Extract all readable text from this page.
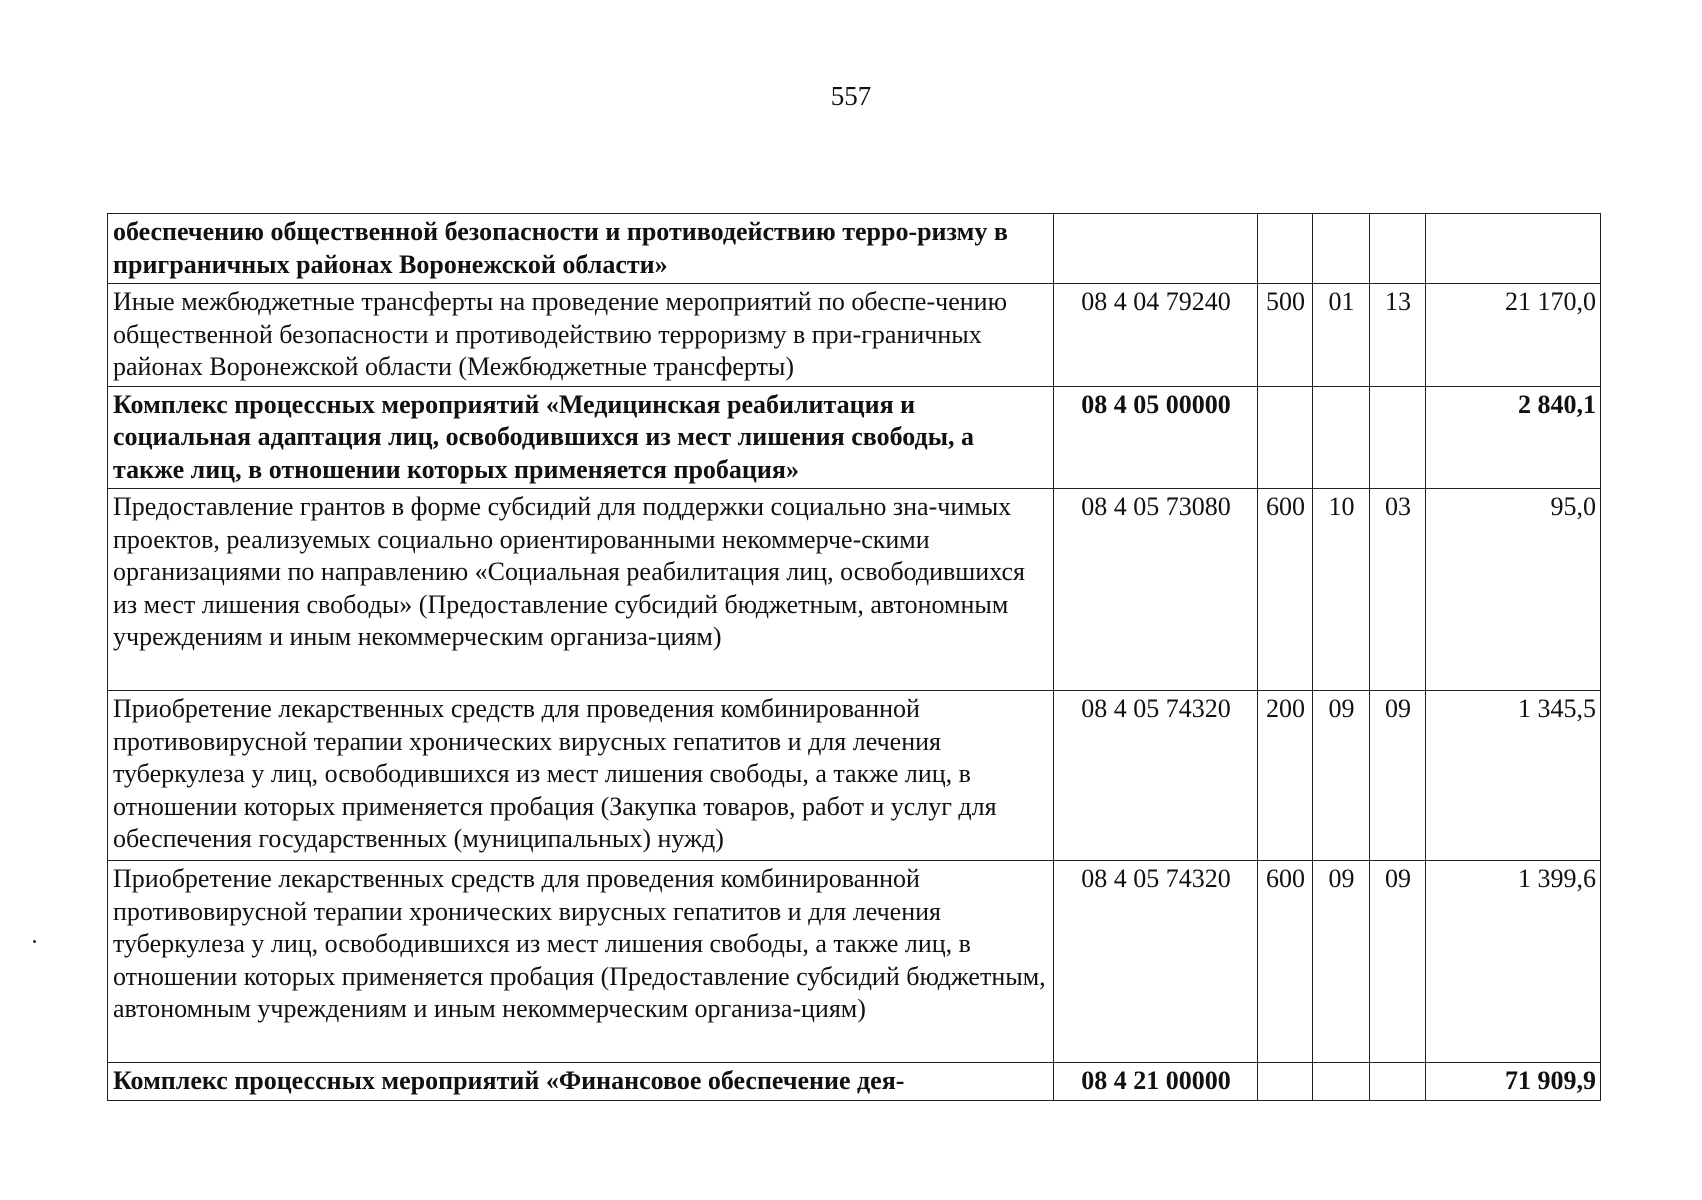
557
обеспечению общественной безопасности и противодействию терро-ризму в приграничных районах Воронежской области»					
Иные межбюджетные трансферты на проведение мероприятий по обеспе-чению общественной безопасности и противодействию терроризму в при-граничных районах Воронежской области (Межбюджетные трансферты)	08 4 04 79240	500	01	13	21 170,0
Комплекс процессных мероприятий «Медицинская реабилитация и социальная адаптация лиц, освободившихся из мест лишения свободы, а также лиц, в отношении которых применяется пробация»	08 4 05 00000				2 840,1
Предоставление грантов в форме субсидий для поддержки социально зна-чимых проектов, реализуемых социально ориентированными некоммерче-скими организациями по направлению «Социальная реабилитация лиц, освободившихся из мест лишения свободы» (Предоставление субсидий бюджетным, автономным учреждениям и иным некоммерческим организа-циям)	08 4 05 73080	600	10	03	95,0
Приобретение лекарственных средств для проведения комбинированной противовирусной терапии хронических вирусных гепатитов и для лечения туберкулеза у лиц, освободившихся из мест лишения свободы, а также лиц, в отношении которых применяется пробация (Закупка товаров, работ и услуг для обеспечения государственных (муниципальных) нужд)	08 4 05 74320	200	09	09	1 345,5
Приобретение лекарственных средств для проведения комбинированной противовирусной терапии хронических вирусных гепатитов и для лечения туберкулеза у лиц, освободившихся из мест лишения свободы, а также лиц, в отношении которых применяется пробация (Предоставление субсидий бюджетным, автономным учреждениям и иным некоммерческим организа-циям)	08 4 05 74320	600	09	09	1 399,6
Комплекс процессных мероприятий «Финансовое обеспечение дея-	08 4 21 00000				71 909,9
